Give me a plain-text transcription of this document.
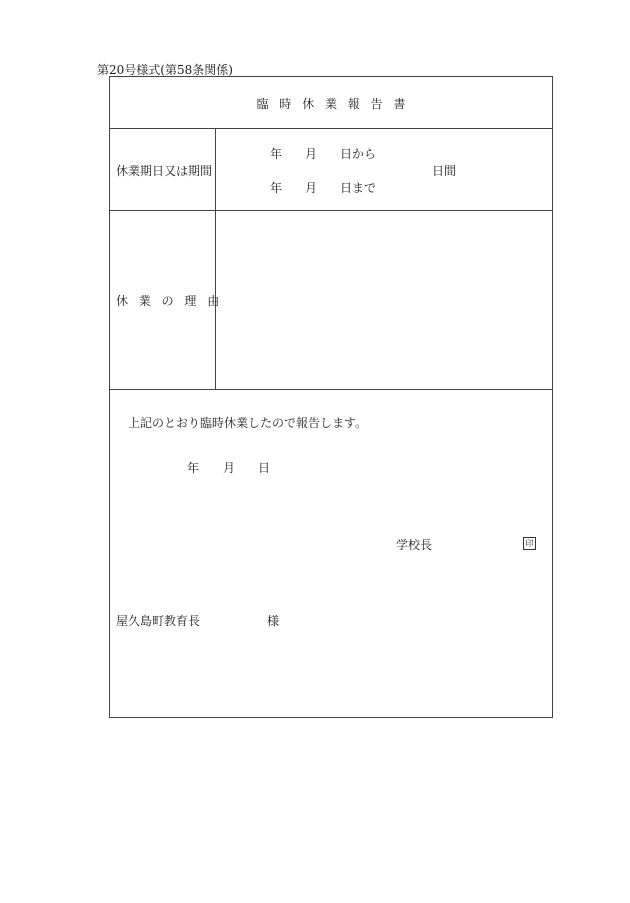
第20号様式(第58条関係)
臨時休業報告書
休業期日又は期間
年 月 日から
年 月 日まで
日間
休業の理由
上記のとおり臨時休業したので報告します。
年 月 日
学校長	印
屋久島町教育長	様
